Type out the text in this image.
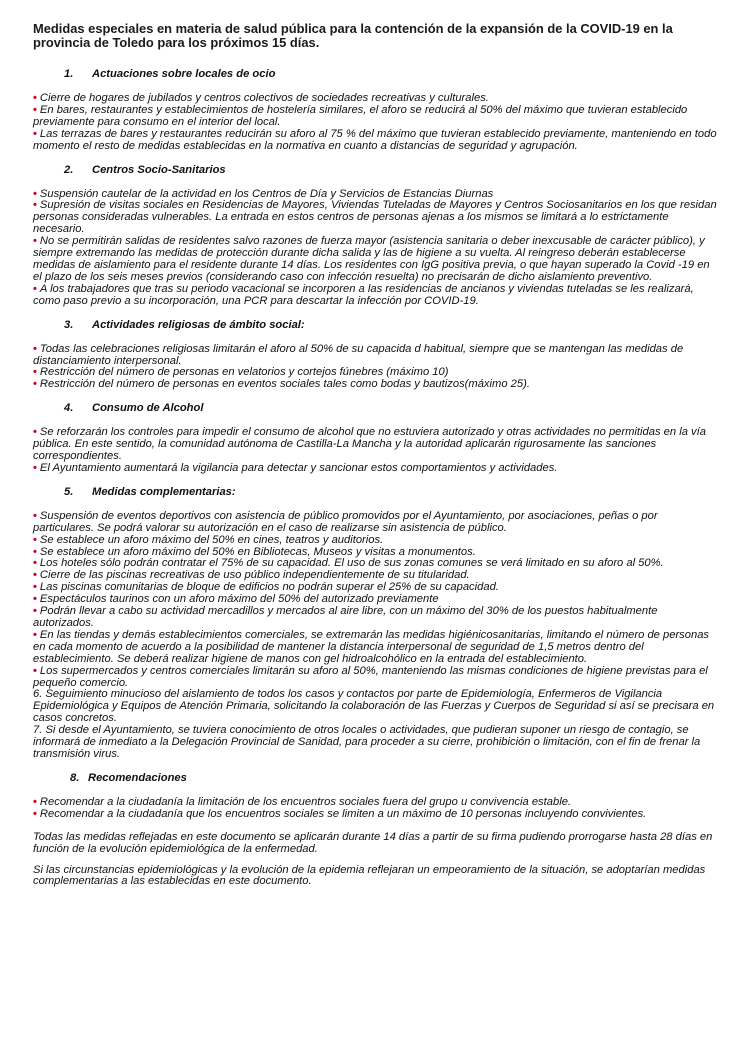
Medidas especiales en materia de salud pública para la contención de la expansión de la COVID-19 en la provincia de Toledo para los próximos 15 días.
1. Actuaciones sobre locales de ocio

• Cierre de hogares de jubilados y centros colectivos de sociedades recreativas y culturales.

• En bares, restaurantes y establecimientos de hostelería similares, el aforo se reducirá al 50% del máximo que tuvieran establecido previamente para consumo en el interior del local.

• Las terrazas de bares y restaurantes reducirán su aforo al 75 % del máximo que tuvieran establecido previamente, manteniendo en todo momento el resto de medidas establecidas en la normativa en cuanto a distancias de seguridad y agrupación.

2. Centros Socio-Sanitarios

• Suspensión cautelar de la actividad en los Centros de Día y Servicios de Estancias Diurnas

• Supresión de visitas sociales en Residencias de Mayores, Viviendas Tuteladas de Mayores y Centros Sociosanitarios en los que residan personas consideradas vulnerables. La entrada en estos centros de personas ajenas a los mismos se limitará a lo estrictamente necesario.

• No se permitirán salidas de residentes salvo razones de fuerza mayor (asistencia sanitaria o deber inexcusable de carácter público), y siempre extremando las medidas de protección durante dicha salida y las de higiene a su vuelta. Al reingreso deberán establecerse medidas de aislamiento para el residente durante 14 días. Los residentes con IgG positiva previa, o que hayan superado la Covid -19 en el plazo de los seis meses previos (considerando caso con infección resuelta) no precisarán de dicho aislamiento preventivo.

• A los trabajadores que tras su periodo vacacional se incorporen a las residencias de ancianos y viviendas tuteladas se les realizará, como paso previo a su incorporación, una PCR para descartar la infección por COVID-19.

3. Actividades religiosas de ámbito social:

• Todas las celebraciones religiosas limitarán el aforo al 50% de su capacida d habitual, siempre que se mantengan las medidas de distanciamiento interpersonal.

• Restricción del número de personas en velatorios y cortejos fúnebres (máximo 10)

• Restricción del número de personas en eventos sociales tales como bodas y bautizos(máximo 25).

4. Consumo de Alcohol

• Se reforzarán los controles para impedir el consumo de alcohol que no estuviera autorizado y otras actividades no permitidas en la vía pública. En este sentido, la comunidad autónoma de Castilla-La Mancha y la autoridad aplicarán rigurosamente las sanciones correspondientes.

• El Ayuntamiento aumentará la vigilancia para detectar y sancionar estos comportamientos y actividades.

5. Medidas complementarias:

• Suspensión de eventos deportivos con asistencia de público promovidos por el Ayuntamiento, por asociaciones, peñas o por particulares. Se podrá valorar su autorización en el caso de realizarse sin asistencia de público.

• Se establece un aforo máximo del 50% en cines, teatros y auditorios.

• Se establece un aforo máximo del 50% en Bibliotecas, Museos y visitas a monumentos.

• Los hoteles sólo podrán contratar el 75% de su capacidad. El uso de sus zonas comunes se verá limitado en su aforo al 50%.

• Cierre de las piscinas recreativas de uso público independientemente de su titularidad.

• Las piscinas comunitarias de bloque de edificios no podrán superar el 25% de su capacidad.

• Espectáculos taurinos con un aforo máximo del 50% del autorizado previamente

• Podrán llevar a cabo su actividad mercadillos y mercados al aire libre, con un máximo del 30% de los puestos habitualmente autorizados.

• En las tiendas y demás establecimientos comerciales, se extremarán las medidas higiénicosanitarias, limitando el número de personas en cada momento de acuerdo a la posibilidad de mantener la distancia interpersonal de seguridad de 1,5 metros dentro del establecimiento. Se deberá realizar higiene de manos con gel hidroalcohólico en la entrada del establecimiento.

• Los supermercados y centros comerciales limitarán su aforo al 50%, manteniendo las mismas condiciones de higiene previstas para el pequeño comercio.

6. Seguimiento minucioso del aislamiento de todos los casos y contactos por parte de Epidemiología, Enfermeros de Vigilancia Epidemiológica y Equipos de Atención Primaria, solicitando la colaboración de las Fuerzas y Cuerpos de Seguridad si así se precisara en casos concretos.

7. Si desde el Ayuntamiento, se tuviera conocimiento de otros locales o actividades, que pudieran suponer un riesgo de contagio, se informará de inmediato a la Delegación Provincial de Sanidad, para proceder a su cierre, prohibición o limitación, con el fin de frenar la transmisión virus.

8. Recomendaciones

• Recomendar a la ciudadanía la limitación de los encuentros sociales fuera del grupo u convivencia estable.

• Recomendar a la ciudadanía que los encuentros sociales se limiten a un máximo de 10 personas incluyendo convivientes.

Todas las medidas reflejadas en este documento se aplicarán durante 14 días a partir de su firma pudiendo prorrogarse hasta 28 días en función de la evolución epidemiológica de la enfermedad.

Si las circunstancias epidemiológicas y la evolución de la epidemia reflejaran un empeoramiento de la situación, se adoptarían medidas complementarias a las establecidas en este documento.
